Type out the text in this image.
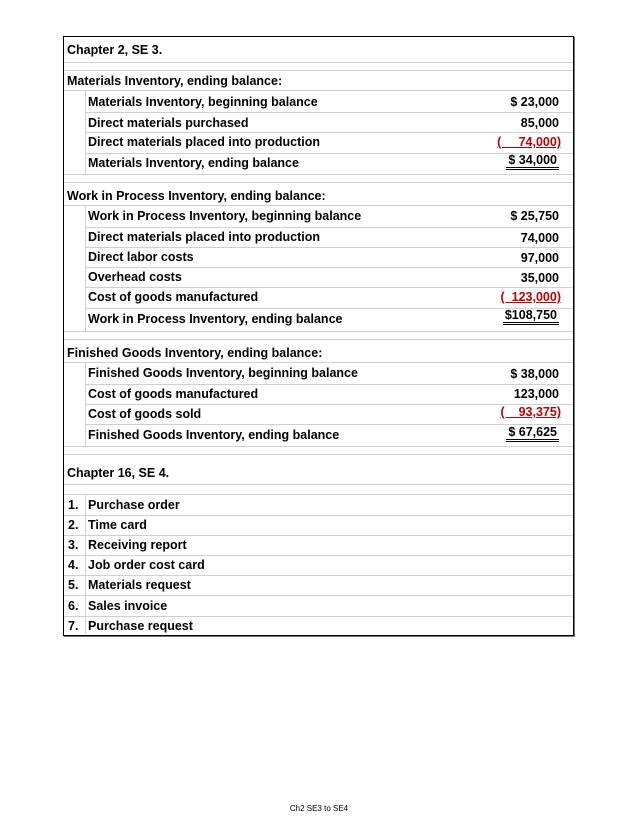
Chapter 2, SE 3.
Materials Inventory, ending balance:
Materials Inventory, beginning balance	$ 23,000
Direct materials purchased	85,000
Direct materials placed into production	(     74,000)
Materials Inventory, ending balance	$ 34,000
Work in Process Inventory, ending balance:
Work in Process Inventory, beginning balance	$ 25,750
Direct materials placed into production	74,000
Direct labor costs	97,000
Overhead costs	35,000
Cost of goods manufactured	(  123,000)
Work in Process Inventory, ending balance	$108,750
Finished Goods Inventory, ending balance:
Finished Goods Inventory, beginning balance	$ 38,000
Cost of goods manufactured	123,000
Cost of goods sold	(    93,375)
Finished Goods Inventory, ending balance	$ 67,625
Chapter 16, SE 4.
1. Purchase order
2. Time card
3. Receiving report
4. Job order cost card
5. Materials request
6. Sales invoice
7. Purchase request
Ch2 SE3 to SE4
